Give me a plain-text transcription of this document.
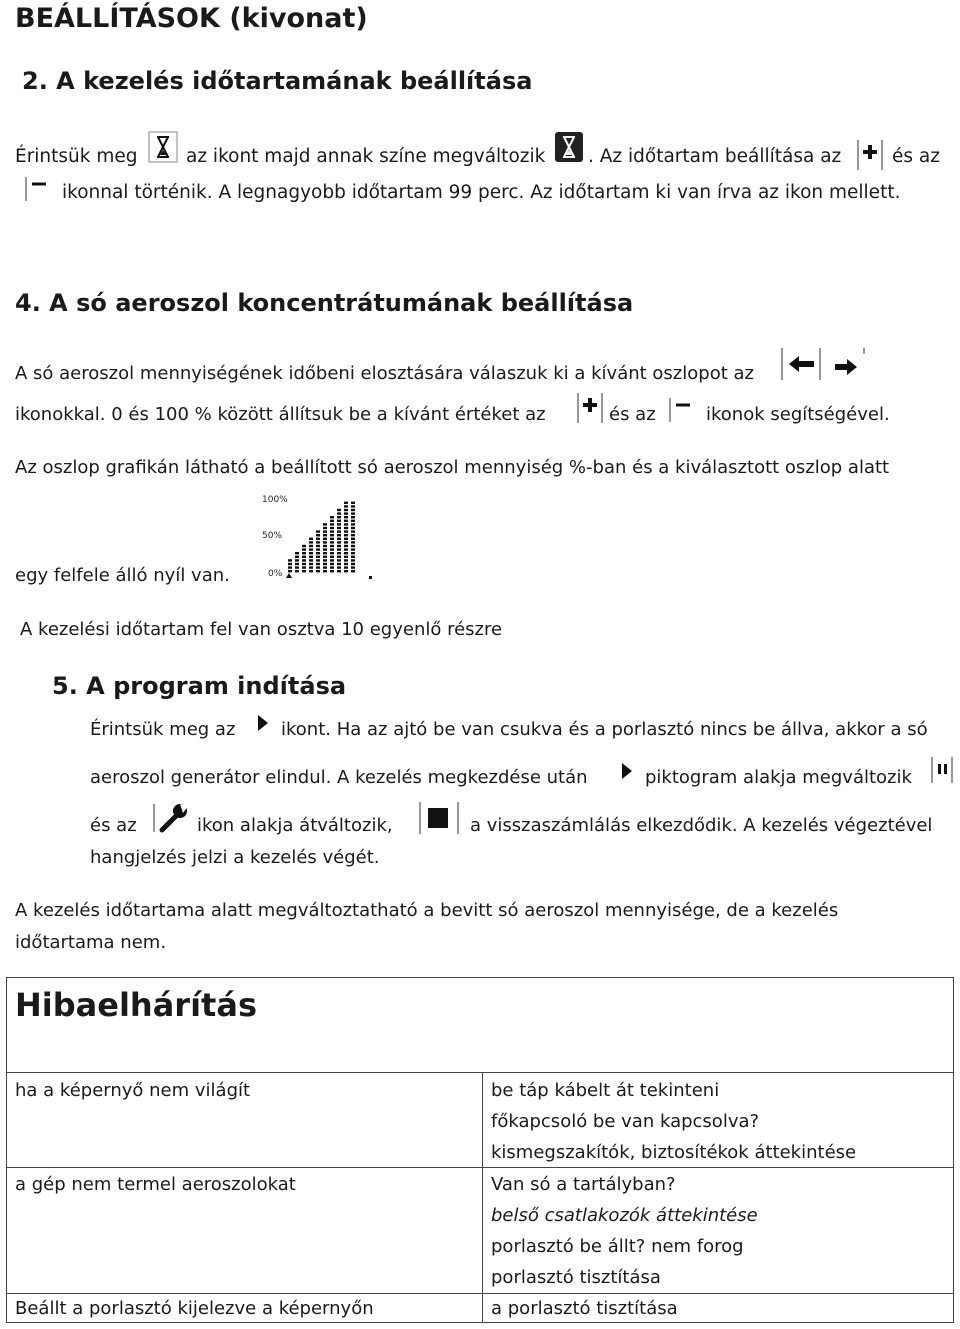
BEÁLLÍTÁSOK (kivonat)
2. A kezelés időtartamának beállítása
Érintsük meg	az ikont majd annak színe megváltozik . Az időtartam beállítása az	és az
ikonnal történik. A legnagyobb időtartam 99 perc. Az időtartam ki van írva az ikon mellett.
4. A só aeroszol koncentrátumának beállítása
A só aeroszol mennyiségének időbeni elosztására válaszuk ki a kívánt oszlopot az
ikonokkal. 0 és 100 % között állítsuk be a kívánt értéket az	és az	ikonok segítségével.
Az oszlop grafikán látható a beállított só aeroszol mennyiség %-ban és a kiválasztott oszlop alatt
100%
50%
0%
egy felfele álló nyíl van.
A kezelési időtartam fel van osztva 10 egyenlő részre
5. A program indítása
Érintsük meg az	ikont. Ha az ajtó be van csukva és a porlasztó nincs be állva, akkor a só
aeroszol generátor elindul. A kezelés megkezdése után	piktogram alakja megváltozik
és az	ikon alakja átváltozik,	a visszaszámlálás elkezdődik. A kezelés végeztével
hangjelzés jelzi a kezelés végét.
A kezelés időtartama alatt megváltoztatható a bevitt só aeroszol mennyisége, de a kezelés
időtartama nem.
Hibaelhárítás
ha a képernyő nem világít	be táp kábelt át tekinteni
főkapcsoló be van kapcsolva?
kismegszakítók, biztosítékok áttekintése
a gép nem termel aeroszolokat	Van só a tartályban?
belső csatlakozók áttekintése
porlasztó be állt? nem forog
porlasztó tisztítása
Beállt a porlasztó kijelezve a képernyőn	a porlasztó tisztítása
